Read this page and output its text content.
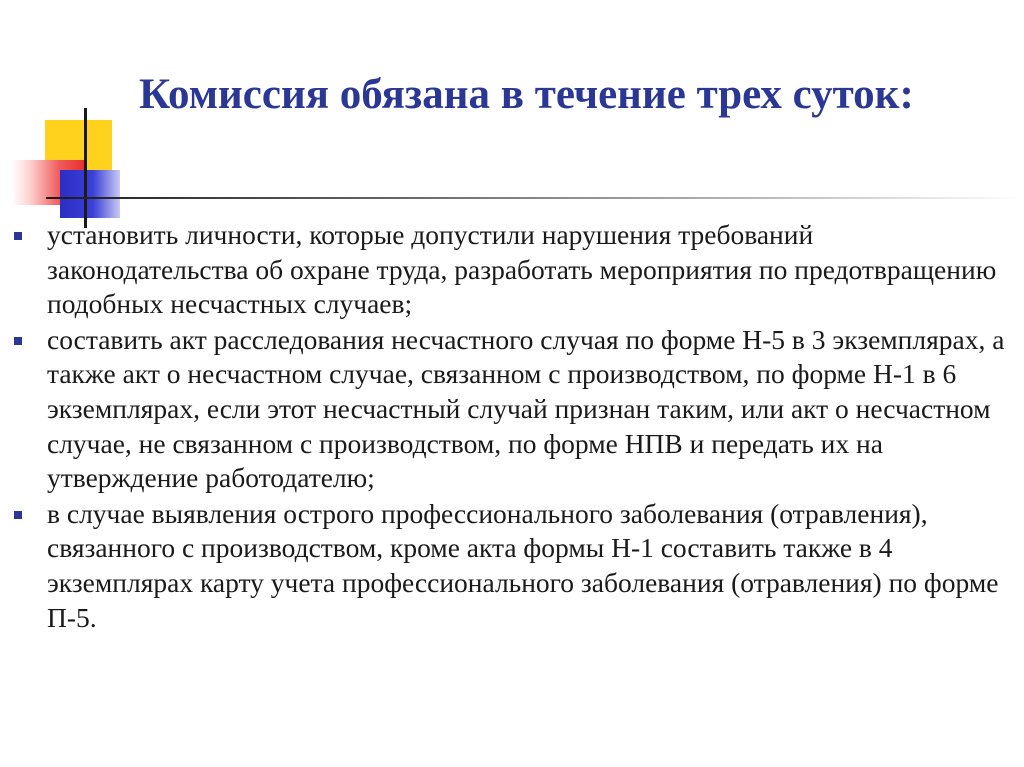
Комиссия обязана в течение трех суток:
установить личности, которые допустили нарушения требований законодательства об охране труда, разработать мероприятия по предотвращению подобных несчастных случаев;
составить акт расследования несчастного случая по форме Н-5 в 3 экземплярах, а также акт о несчастном случае, связанном с производством, по форме Н-1 в 6 экземплярах, если этот несчастный случай признан таким, или акт о несчастном случае, не связанном с производством, по форме НПВ и передать их на утверждение работодателю;
в случае выявления острого профессионального заболевания (отравления), связанного с производством, кроме акта формы Н-1 составить также в 4 экземплярах карту учета профессионального заболевания (отравления) по форме П-5.
